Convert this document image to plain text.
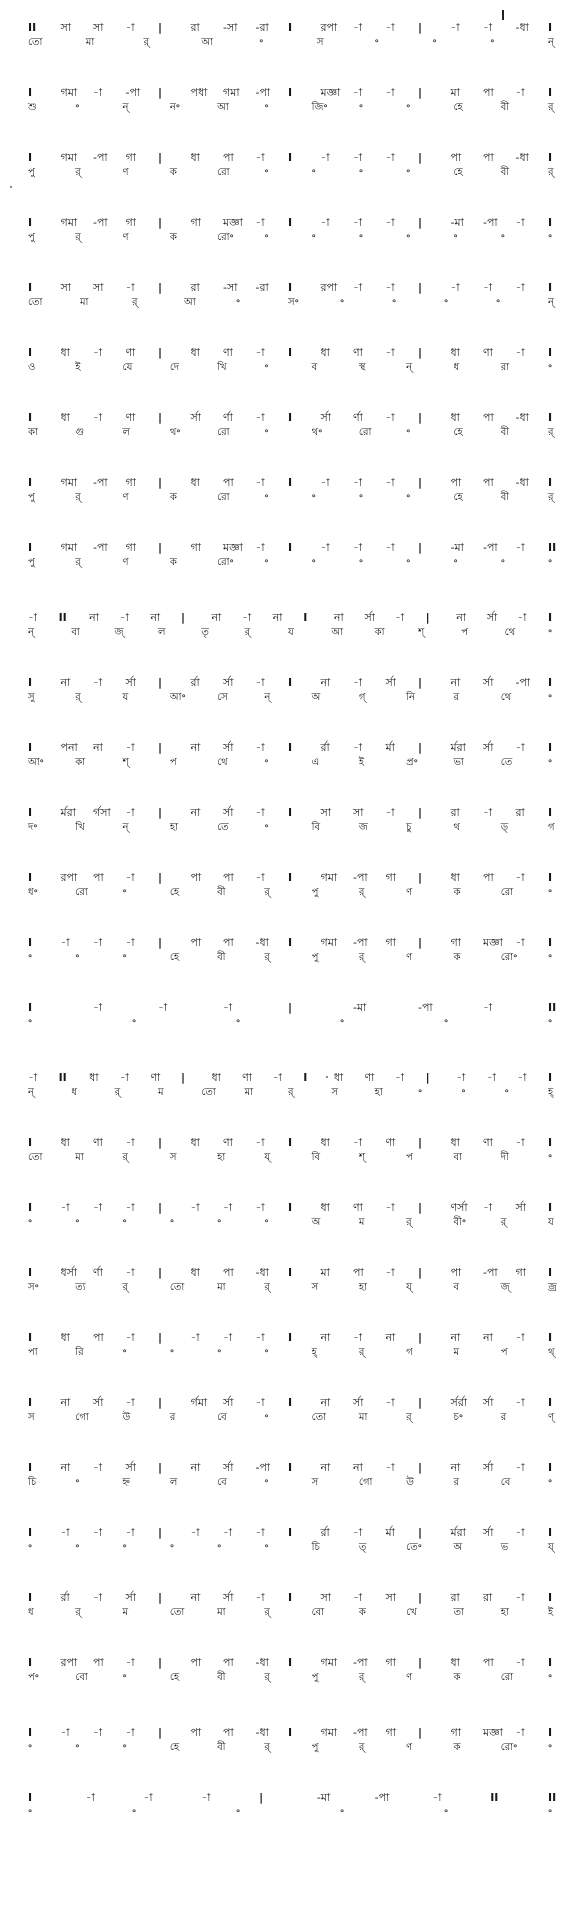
II সা সা -া |	রা -সা -রা I	রপা -া -া |	-া -া -ধা I
তো	মা	র্	আ	॰	স	॰	॰	॰	ন্
I	গমা -া -পা |	পধা গমা -পা I	মজ্ঞা -া -া |	মা পা -া I
শু	॰	ন্	ন॰	আ	॰	জি॰	॰	॰	হে	বী	র্
I	গমা -পা গা |	ধা পা -া I	-া -া -া |	পা পা -ধা I
পু	র্	ণ	ক	রো	॰	॰	॰	॰	হে	বী	র্
I	গমা -পা গা |	গা মজ্ঞা -া I	-া -া -া |	-মা -পা -া I
পু	র্	ণ	ক	রো॰	॰	॰	॰	॰	॰	॰	॰
I	সা সা -া |	রা -সা -রা I	রপা -া -া |	-া -া -া I
তো	মা	র্	আ	॰	স॰	॰	॰	॰	॰	ন্
I	ধা -া ণা |	ধা ণা -া I	ধা ণা -া |	ধা ণা -া I
ও	ই	যে	দে	খি	॰	ব	স্থ	ন্	ধ	রা	॰
I	ধা -া ণা |	র্সা র্ণা -া I	র্সা র্ণা -া |	ধা পা -ধা I
কা	গু	ল	থ॰	রো	॰	থ॰	রো	॰	হে	বী	র্
I	গমা -পা গা |	ধা পা -া I	-া -া -া |	পা পা -ধা I
পু	র্	ণ	ক	রো	॰	॰	॰	॰	হে	বী	র্
I	গমা -পা গা |	গা মজ্ঞা -া I	-া -া -া |	-মা -পা -া II
পু	র্	ণ	ক	রো॰	॰	॰	॰	॰	॰	॰	॰
-া II না -া না | না -া না I না র্সা -া | না র্সা -া I
ন্	বা	জ্	ল	তৃ	র্	য	আ	কা	শ্	প	থে	॰
I	না -া র্সা |	র্রা র্সা -া I	না -া র্সা |	না র্সা -পা I
সু	র্	য	আ॰	সে	ন্	অ	গ্	নি	র	থে	॰
I	পনা না -া |	না র্সা -া I	র্রা -া র্মা |	র্মরা র্সা -া I
আ॰	কা	শ্	প	থে	॰	এ	ই	প্র॰	ভা	তে	॰
I	র্মরা র্গসা -া |	না র্সা -া I	সা সা -া |	রা -া রা I
দ॰	খি	ন্	হা	তে	॰	বি	জ	চু	থ	ড্	গ
I	রপা পা -া |	পা পা -া I	গমা -পা গা |	ধা পা -া I
ধ॰	রো	॰	হে	বী	র্	পু	র্	ণ	ক	রো	॰
I	-া -া -া |	পা পা -ধা I	গমা -পা গা |	গা মজ্ঞা -া I
॰	॰	॰	হে	বী	র্	পু	র্	ণ	ক	রো॰	॰
I	-া	-া	-া	|	-মা	-পা	-া	II
॰	॰	॰	॰	॰	॰
-া II ধা -া ণা | ধা ণা -া I ধা ণা -া | -া -া -া I
ন্	ধ	র্	ম	তো	মা	র্	স	হা	॰	॰	॰	হ্
I	ধা ণা -া |	ধা ণা -া I	ধা -া ণা |	ধা ণা -া I
তো	মা	র্	স	হা	য্	বি	শ্	প	বা	দী	॰
I	-া -া -া |	-া -া -া I	ধা ণা -া |	ণর্সা -া র্সা I
॰	॰	॰	॰	॰	॰	অ	ম	র্	বী॰	র্	য
I	ধর্সা র্ণা -া |	ধা পা -ধা I	মা পা -া |	পা -পা গা I
স॰	ত্য	র্	তো	মা	র্	স	হা	য্	ব	জ্	জ্র
I	ধা পা -া |	-া -া -া I	না -া না |	না না -া I
পা	রি	॰	॰	॰	॰	হ্	র্	গ	ম	প	থ্
I	না র্সা -া |	র্গমা র্সা -া I	না র্সা -া |	র্সর্রা র্সা -া I
স	গো	উ	র	বে	॰	তো	মা	র্	চ॰	র	ণ্
I	না -া র্সা |	না র্সা -পা I	না না -া |	না র্সা -া I
চি	॰	হ্ন	ল	বে	॰	স	গো	উ	র	বে	॰
I	-া -া -া |	-া -া -া I	র্রা -া র্মা |	র্মরা র্সা -া I
॰	॰	॰	॰	॰	॰	চি	ত্	তে॰	অ	ভ	য্
I	র্রা -া র্সা |	না র্সা -া I	সা -া সা |	রা রা -া I
ধ	র্	ম	তো	মা	র্	বো	ক	খে	তা	হা	ই
I	রপা পা -া |	পা পা -ধা I	গমা -পা গা |	ধা পা -া I
প॰	বো	॰	হে	বী	র্	পু	র্	ণ	ক	রো	॰
I	-া -া -া |	পা পা -ধা I	গমা -পা গা |	গা মজ্ঞা -া I
॰	॰	॰	হে	বী	র্	পু	র্	ণ	ক	রো॰	॰
I	-া	-া	-া	|	-মা	-পা	-া	II	II
॰	॰	॰	॰	॰	॰
